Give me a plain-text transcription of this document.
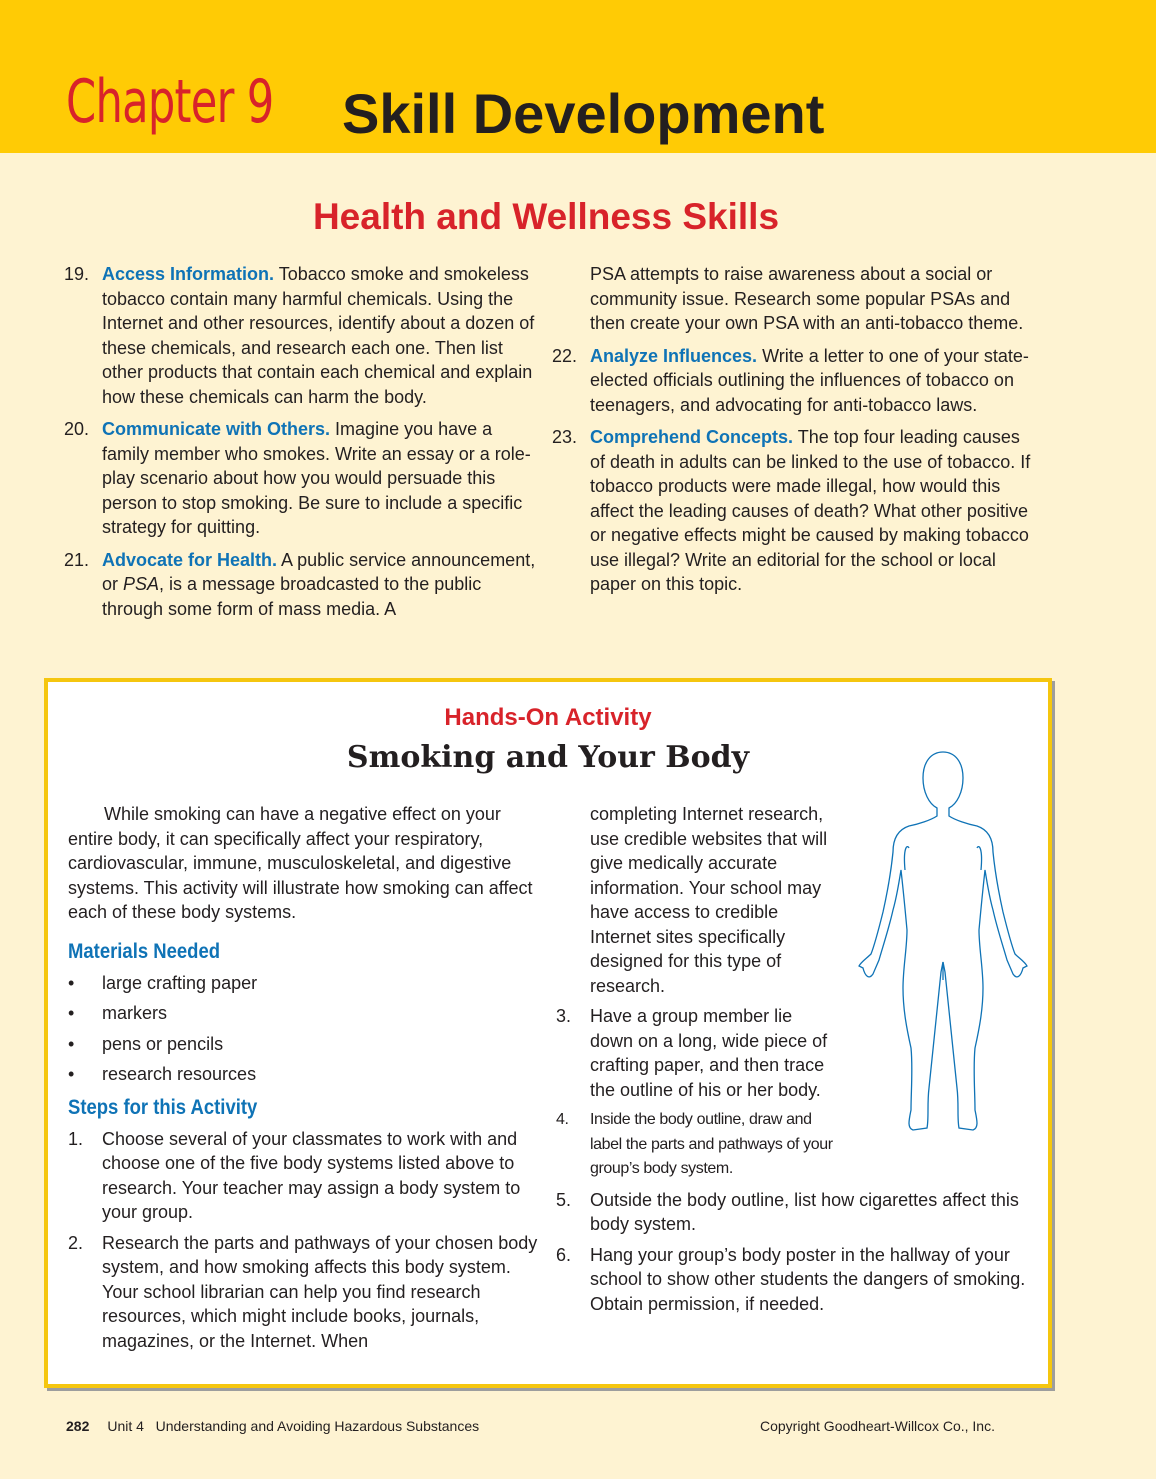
Chapter 9 Skill Development
Health and Wellness Skills
19. Access Information. Tobacco smoke and smokeless tobacco contain many harmful chemicals. Using the Internet and other resources, identify about a dozen of these chemicals, and research each one. Then list other products that contain each chemical and explain how these chemicals can harm the body.
20. Communicate with Others. Imagine you have a family member who smokes. Write an essay or a role-play scenario about how you would persuade this person to stop smoking. Be sure to include a specific strategy for quitting.
21. Advocate for Health. A public service announcement, or PSA, is a message broadcasted to the public through some form of mass media. A
PSA attempts to raise awareness about a social or community issue. Research some popular PSAs and then create your own PSA with an anti-tobacco theme.
22. Analyze Influences. Write a letter to one of your state-elected officials outlining the influences of tobacco on teenagers, and advocating for anti-tobacco laws.
23. Comprehend Concepts. The top four leading causes of death in adults can be linked to the use of tobacco. If tobacco products were made illegal, how would this affect the leading causes of death? What other positive or negative effects might be caused by making tobacco use illegal? Write an editorial for the school or local paper on this topic.
Hands-On Activity
Smoking and Your Body

While smoking can have a negative effect on your entire body, it can specifically affect your respiratory, cardiovascular, immune, musculoskeletal, and digestive systems. This activity will illustrate how smoking can affect each of these body systems.

Materials Needed
• large crafting paper
• markers
• pens or pencils
• research resources
Steps for this Activity
1. Choose several of your classmates to work with and choose one of the five body systems listed above to research. Your teacher may assign a body system to your group.
2. Research the parts and pathways of your chosen body system, and how smoking affects this body system. Your school librarian can help you find research resources, which might include books, journals, magazines, or the Internet. When
completing Internet research, use credible websites that will give medically accurate information. Your school may have access to credible Internet sites specifically designed for this type of research.
3. Have a group member lie down on a long, wide piece of crafting paper, and then trace the outline of his or her body.
4. Inside the body outline, draw and label the parts and pathways of your group’s body system.
5. Outside the body outline, list how cigarettes affect this body system.
6. Hang your group’s body poster in the hallway of your school to show other students the dangers of smoking. Obtain permission, if needed.
282 Unit 4   Understanding and Avoiding Hazardous Substances	Copyright Goodheart-Willcox Co., Inc.
